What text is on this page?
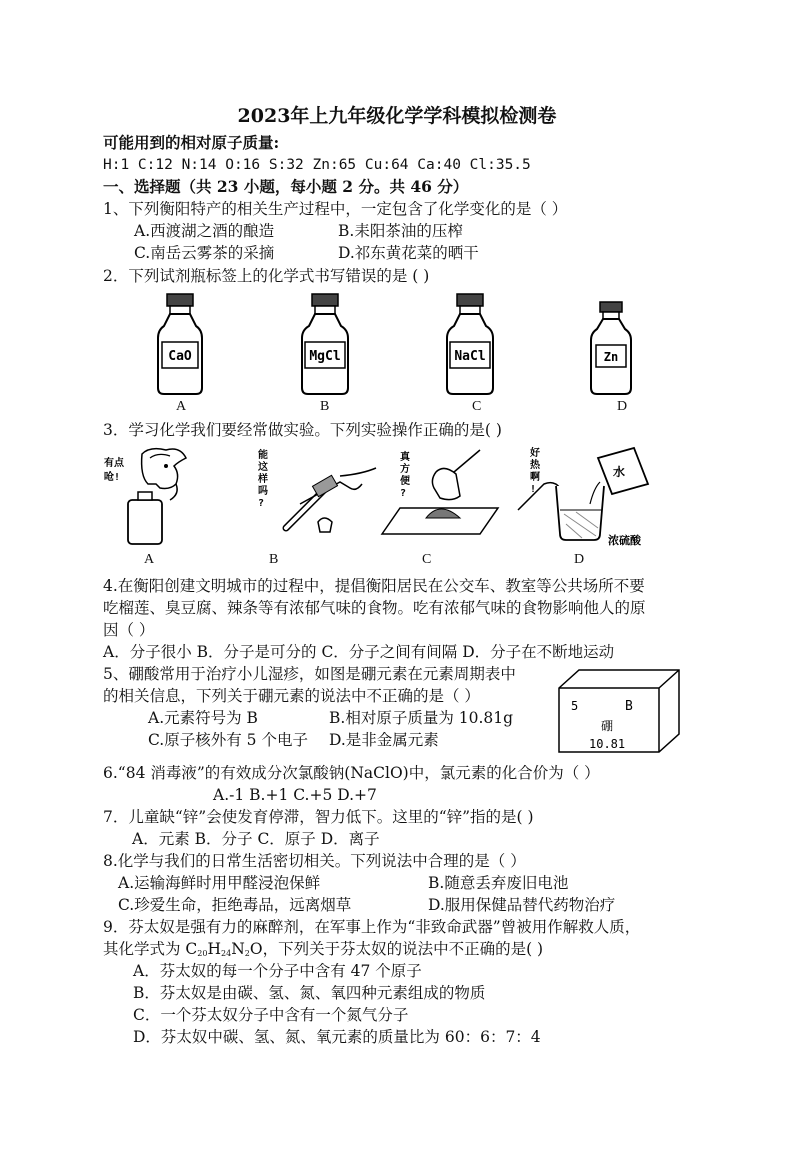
2023年上九年级化学学科模拟检测卷
可能用到的相对原子质量:
H:1 C:12 N:14 O:16 S:32 Zn:65 Cu:64 Ca:40 Cl:35.5
一、选择题（共 23 小题，每小题 2 分。共 46 分）
1、下列衡阳特产的相关生产过程中，一定包含了化学变化的是（ ）
A.西渡湖之酒的酿造	B.耒阳茶油的压榨
C.南岳云雾茶的采摘	D.祁东黄花菜的晒干
2．下列试剂瓶标签上的化学式书写错误的是 ( )
CaO	MgCl	NaCl	Zn
A	B	C	D
3．学习化学我们要经常做实验。下列实验操作正确的是( )
有点
呛!
能
这
样
吗
?
真
方
便
?
好
热
啊
!
水
浓硫酸
A	B	C	D
4.在衡阳创建文明城市的过程中，提倡衡阳居民在公交车、教室等公共场所不要
吃榴莲、臭豆腐、辣条等有浓郁气味的食物。吃有浓郁气味的食物影响他人的原
因（ ）
A．分子很小 B．分子是可分的 C．分子之间有间隔 D．分子在不断地运动
5、硼酸常用于治疗小儿湿疹，如图是硼元素在元素周期表中
的相关信息，下列关于硼元素的说法中不正确的是（ ）
A.元素符号为 B	B.相对原子质量为 10.81g
C.原子核外有 5 个电子 D.是非金属元素
5	B
硼
10.81
6.“84 消毒液”的有效成分次氯酸钠(NaClO)中，氯元素的化合价为（ ）
A.-1 B.+1 C.+5 D.+7
7．儿童缺“锌”会使发育停滞，智力低下。这里的“锌”指的是( )
A．元素 B．分子 C．原子 D．离子
8.化学与我们的日常生活密切相关。下列说法中合理的是（ ）
A.运输海鲜时用甲醛浸泡保鲜	B.随意丢弃废旧电池
C.珍爱生命，拒绝毒品，远离烟草	D.服用保健品替代药物治疗
9．芬太奴是强有力的麻醉剂，在军事上作为“非致命武器”曾被用作解救人质，
其化学式为 $C_{20}H_{24}N_2O$，下列关于芬太奴的说法中不正确的是( )
A．芬太奴的每一个分子中含有 47 个原子
B．芬太奴是由碳、氢、氮、氧四种元素组成的物质
C．一个芬太奴分子中含有一个氮气分子
D．芬太奴中碳、氢、氮、氧元素的质量比为 60：6：7：4
